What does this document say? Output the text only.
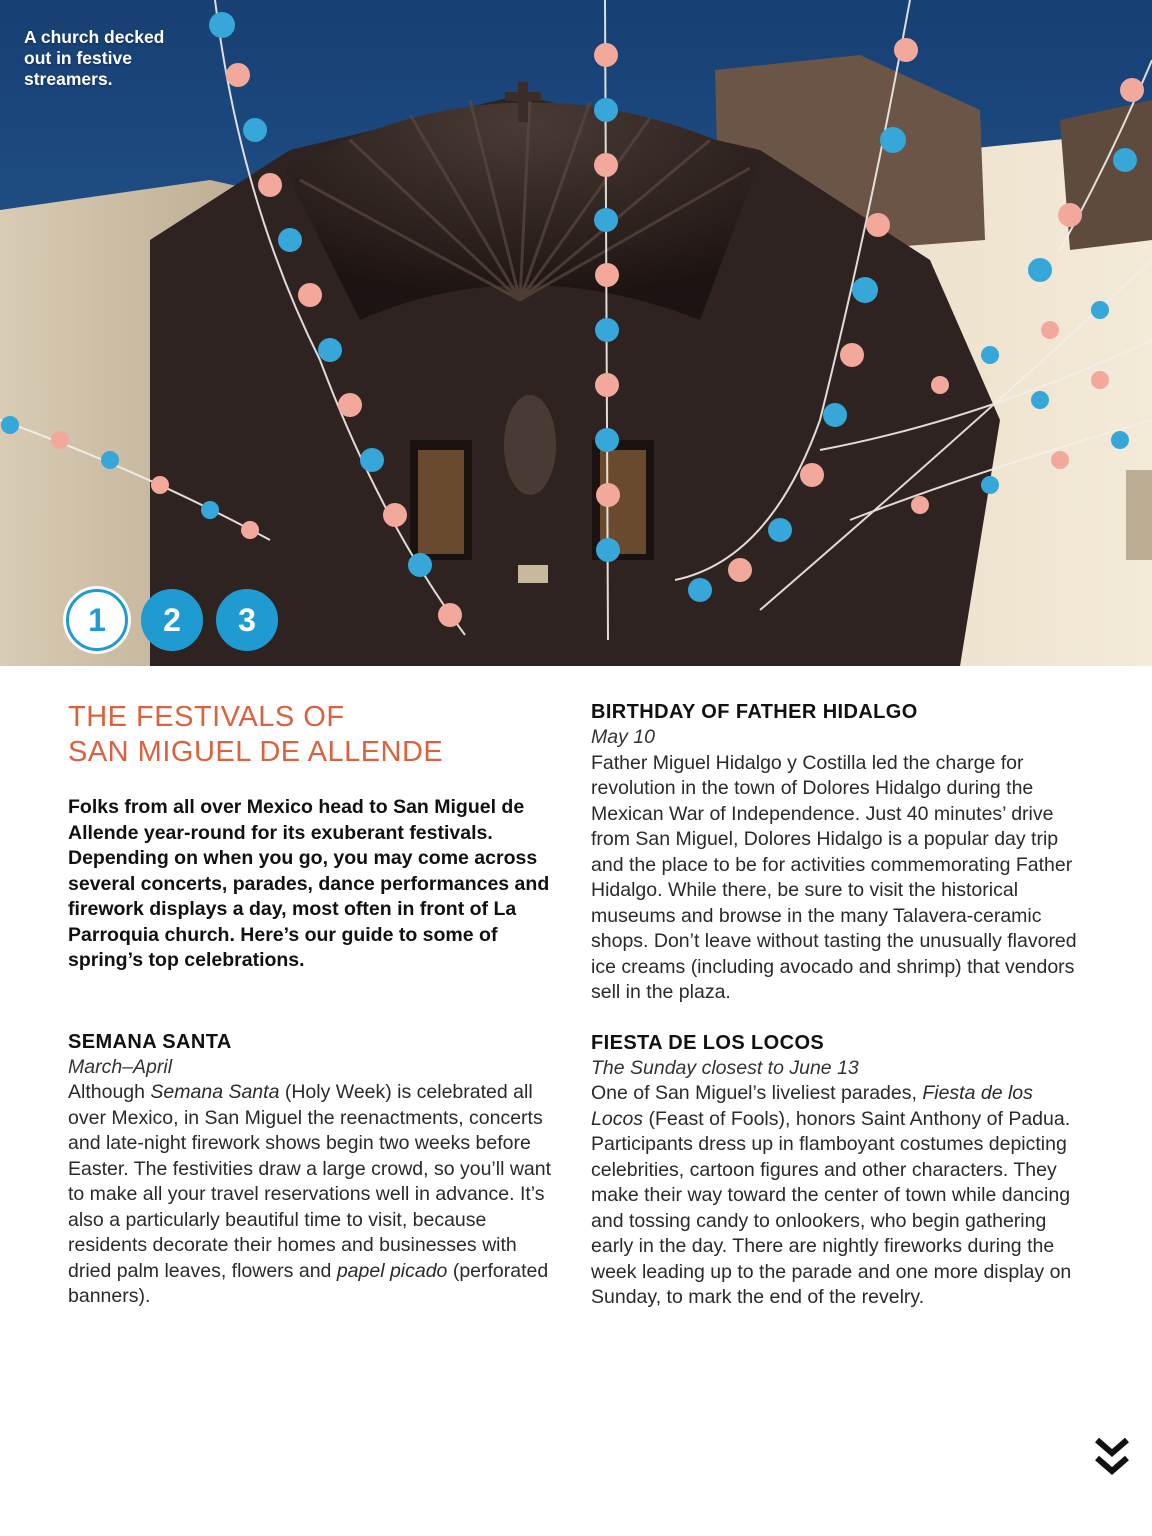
A church decked out in festive streamers.
1	2	3
THE FESTIVALS OF
SAN MIGUEL DE ALLENDE

Folks from all over Mexico head to San Miguel de Allende year-round for its exuberant festivals. Depending on when you go, you may come across several concerts, parades, dance performances and firework displays a day, most often in front of La Parroquia church. Here’s our guide to some of spring’s top celebrations.

SEMANA SANTA
March–April

Although Semana Santa (Holy Week) is celebrated all over Mexico, in San Miguel the reenactments, concerts and late-night firework shows begin two weeks before Easter. The festivities draw a large crowd, so you’ll want to make all your travel reservations well in advance. It’s also a particularly beautiful time to visit, because residents decorate their homes and businesses with dried palm leaves, flowers and papel picado (perforated banners).

BIRTHDAY OF FATHER HIDALGO
May 10

Father Miguel Hidalgo y Costilla led the charge for revolution in the town of Dolores Hidalgo during the Mexican War of Independence. Just 40 minutes’ drive from San Miguel, Dolores Hidalgo is a popular day trip and the place to be for activities commemorating Father Hidalgo. While there, be sure to visit the historical museums and browse in the many Talavera-ceramic shops. Don’t leave without tasting the unusually flavored ice creams (including avocado and shrimp) that vendors sell in the plaza.

FIESTA DE LOS LOCOS
The Sunday closest to June 13

One of San Miguel’s liveliest parades, Fiesta de los Locos (Feast of Fools), honors Saint Anthony of Padua. Participants dress up in flamboyant costumes depicting celebrities, cartoon figures and other characters. They make their way toward the center of town while dancing and tossing candy to onlookers, who begin gathering early in the day. There are nightly fireworks during the week leading up to the parade and one more display on Sunday, to mark the end of the revelry.
